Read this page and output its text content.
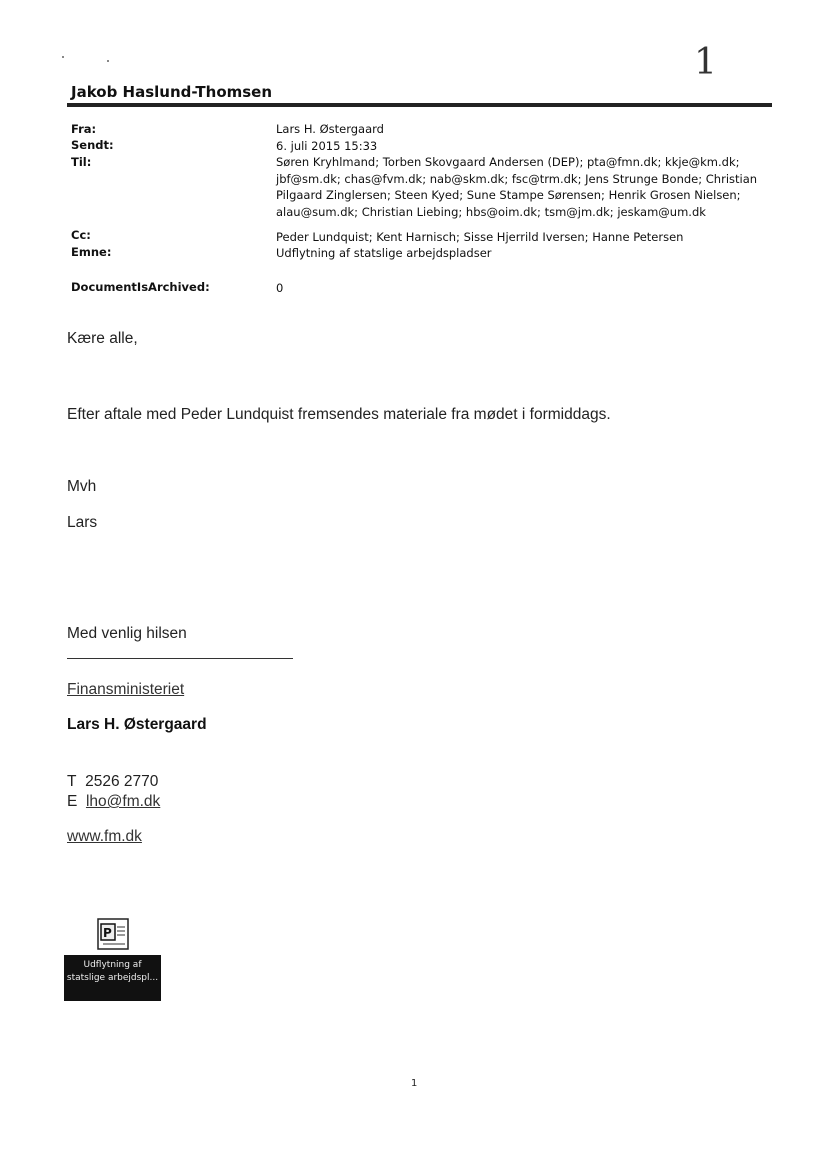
1
Jakob Haslund-Thomsen
Fra:
Sendt:
Til:
Cc:
Emne:
DocumentIsArchived:
Lars H. Østergaard
6. juli 2015 15:33
Søren Kryhlmand; Torben Skovgaard Andersen (DEP); pta@fmn.dk; kkje@km.dk;
jbf@sm.dk; chas@fvm.dk; nab@skm.dk; fsc@trm.dk; Jens Strunge Bonde; Christian
Pilgaard Zinglersen; Steen Kyed; Sune Stampe Sørensen; Henrik Grosen Nielsen;
alau@sum.dk; Christian Liebing; hbs@oim.dk; tsm@jm.dk; jeskam@um.dk
Peder Lundquist; Kent Harnisch; Sisse Hjerrild Iversen; Hanne Petersen
Udflytning af statslige arbejdspladser
0
Kære alle,
Efter aftale med Peder Lundquist fremsendes materiale fra mødet i formiddags.
Mvh
Lars
Med venlig hilsen
Finansministeriet
Lars H. Østergaard
T 2526 2770
E lho@fm.dk
www.fm.dk
P
Udflytning af
statslige arbejdspl...
1
